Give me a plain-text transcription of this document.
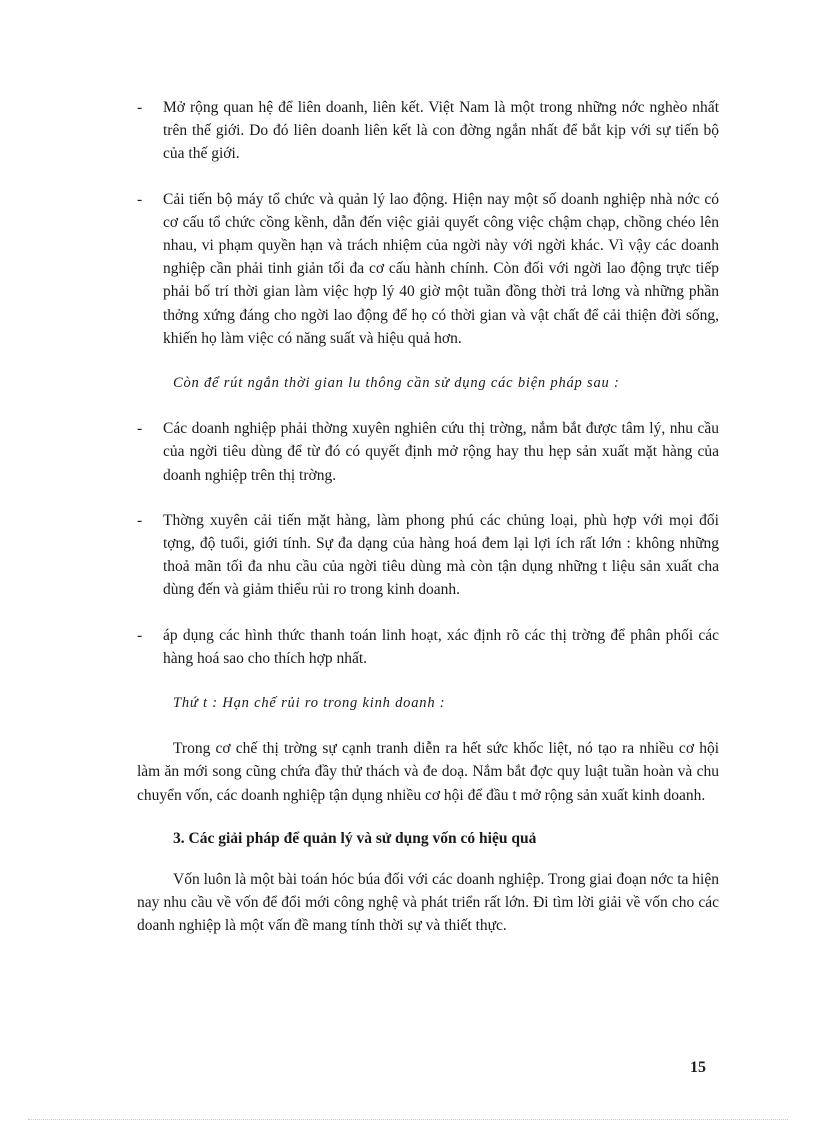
- Mở rộng quan hệ để liên doanh, liên kết. Việt Nam là một trong những nớc nghèo nhất trên thế giới. Do đó liên doanh liên kết là con đờng ngắn nhất để bắt kịp với sự tiến bộ của thế giới.
- Cải tiến bộ máy tổ chức và quản lý lao động. Hiện nay một số doanh nghiệp nhà nớc có cơ cấu tổ chức cồng kềnh, dẫn đến việc giải quyết công việc chậm chạp, chồng chéo lên nhau, vi phạm quyền hạn và trách nhiệm của ngời này với ngời khác. Vì vậy các doanh nghiệp cần phải tinh giản tối đa cơ cấu hành chính. Còn đối với ngời lao động trực tiếp phải bố trí thời gian làm việc hợp lý 40 giờ một tuần đồng thời trả lơng và những phần thởng xứng đáng cho ngời lao động để họ có thời gian và vật chất để cải thiện đời sống, khiến họ làm việc có năng suất và hiệu quả hơn.
Còn để rút ngắn thời gian lu thông cần sử dụng các biện pháp sau :
- Các doanh nghiệp phải thờng xuyên nghiên cứu thị trờng, nắm bắt được tâm lý, nhu cầu của ngời tiêu dùng để từ đó có quyết định mở rộng hay thu hẹp sản xuất mặt hàng của doanh nghiệp trên thị trờng.
- Thờng xuyên cải tiến mặt hàng, làm phong phú các chủng loại, phù hợp với mọi đối tợng, độ tuổi, giới tính. Sự đa dạng của hàng hoá đem lại lợi ích rất lớn : không những thoả mãn tối đa nhu cầu của ngời tiêu dùng mà còn tận dụng những t liệu sản xuất cha dùng đến và giảm thiểu rủi ro trong kinh doanh.
- áp dụng các hình thức thanh toán linh hoạt, xác định rõ các thị trờng để phân phối các hàng hoá sao cho thích hợp nhất.
Thứ t : Hạn chế rủi ro trong kinh doanh :
Trong cơ chế thị trờng sự cạnh tranh diễn ra hết sức khốc liệt, nó tạo ra nhiều cơ hội làm ăn mới song cũng chứa đầy thử thách và đe doạ. Nắm bắt đợc quy luật tuần hoàn và chu chuyển vốn, các doanh nghiệp tận dụng nhiều cơ hội để đầu t mở rộng sản xuất kinh doanh.
3. Các giải pháp để quản lý và sử dụng vốn có hiệu quả
Vốn luôn là một bài toán hóc búa đối với các doanh nghiệp. Trong giai đoạn nớc ta hiện nay nhu cầu về vốn để đổi mới công nghệ và phát triển rất lớn. Đi tìm lời giải về vốn cho các doanh nghiệp là một vấn đề mang tính thời sự và thiết thực.
15
